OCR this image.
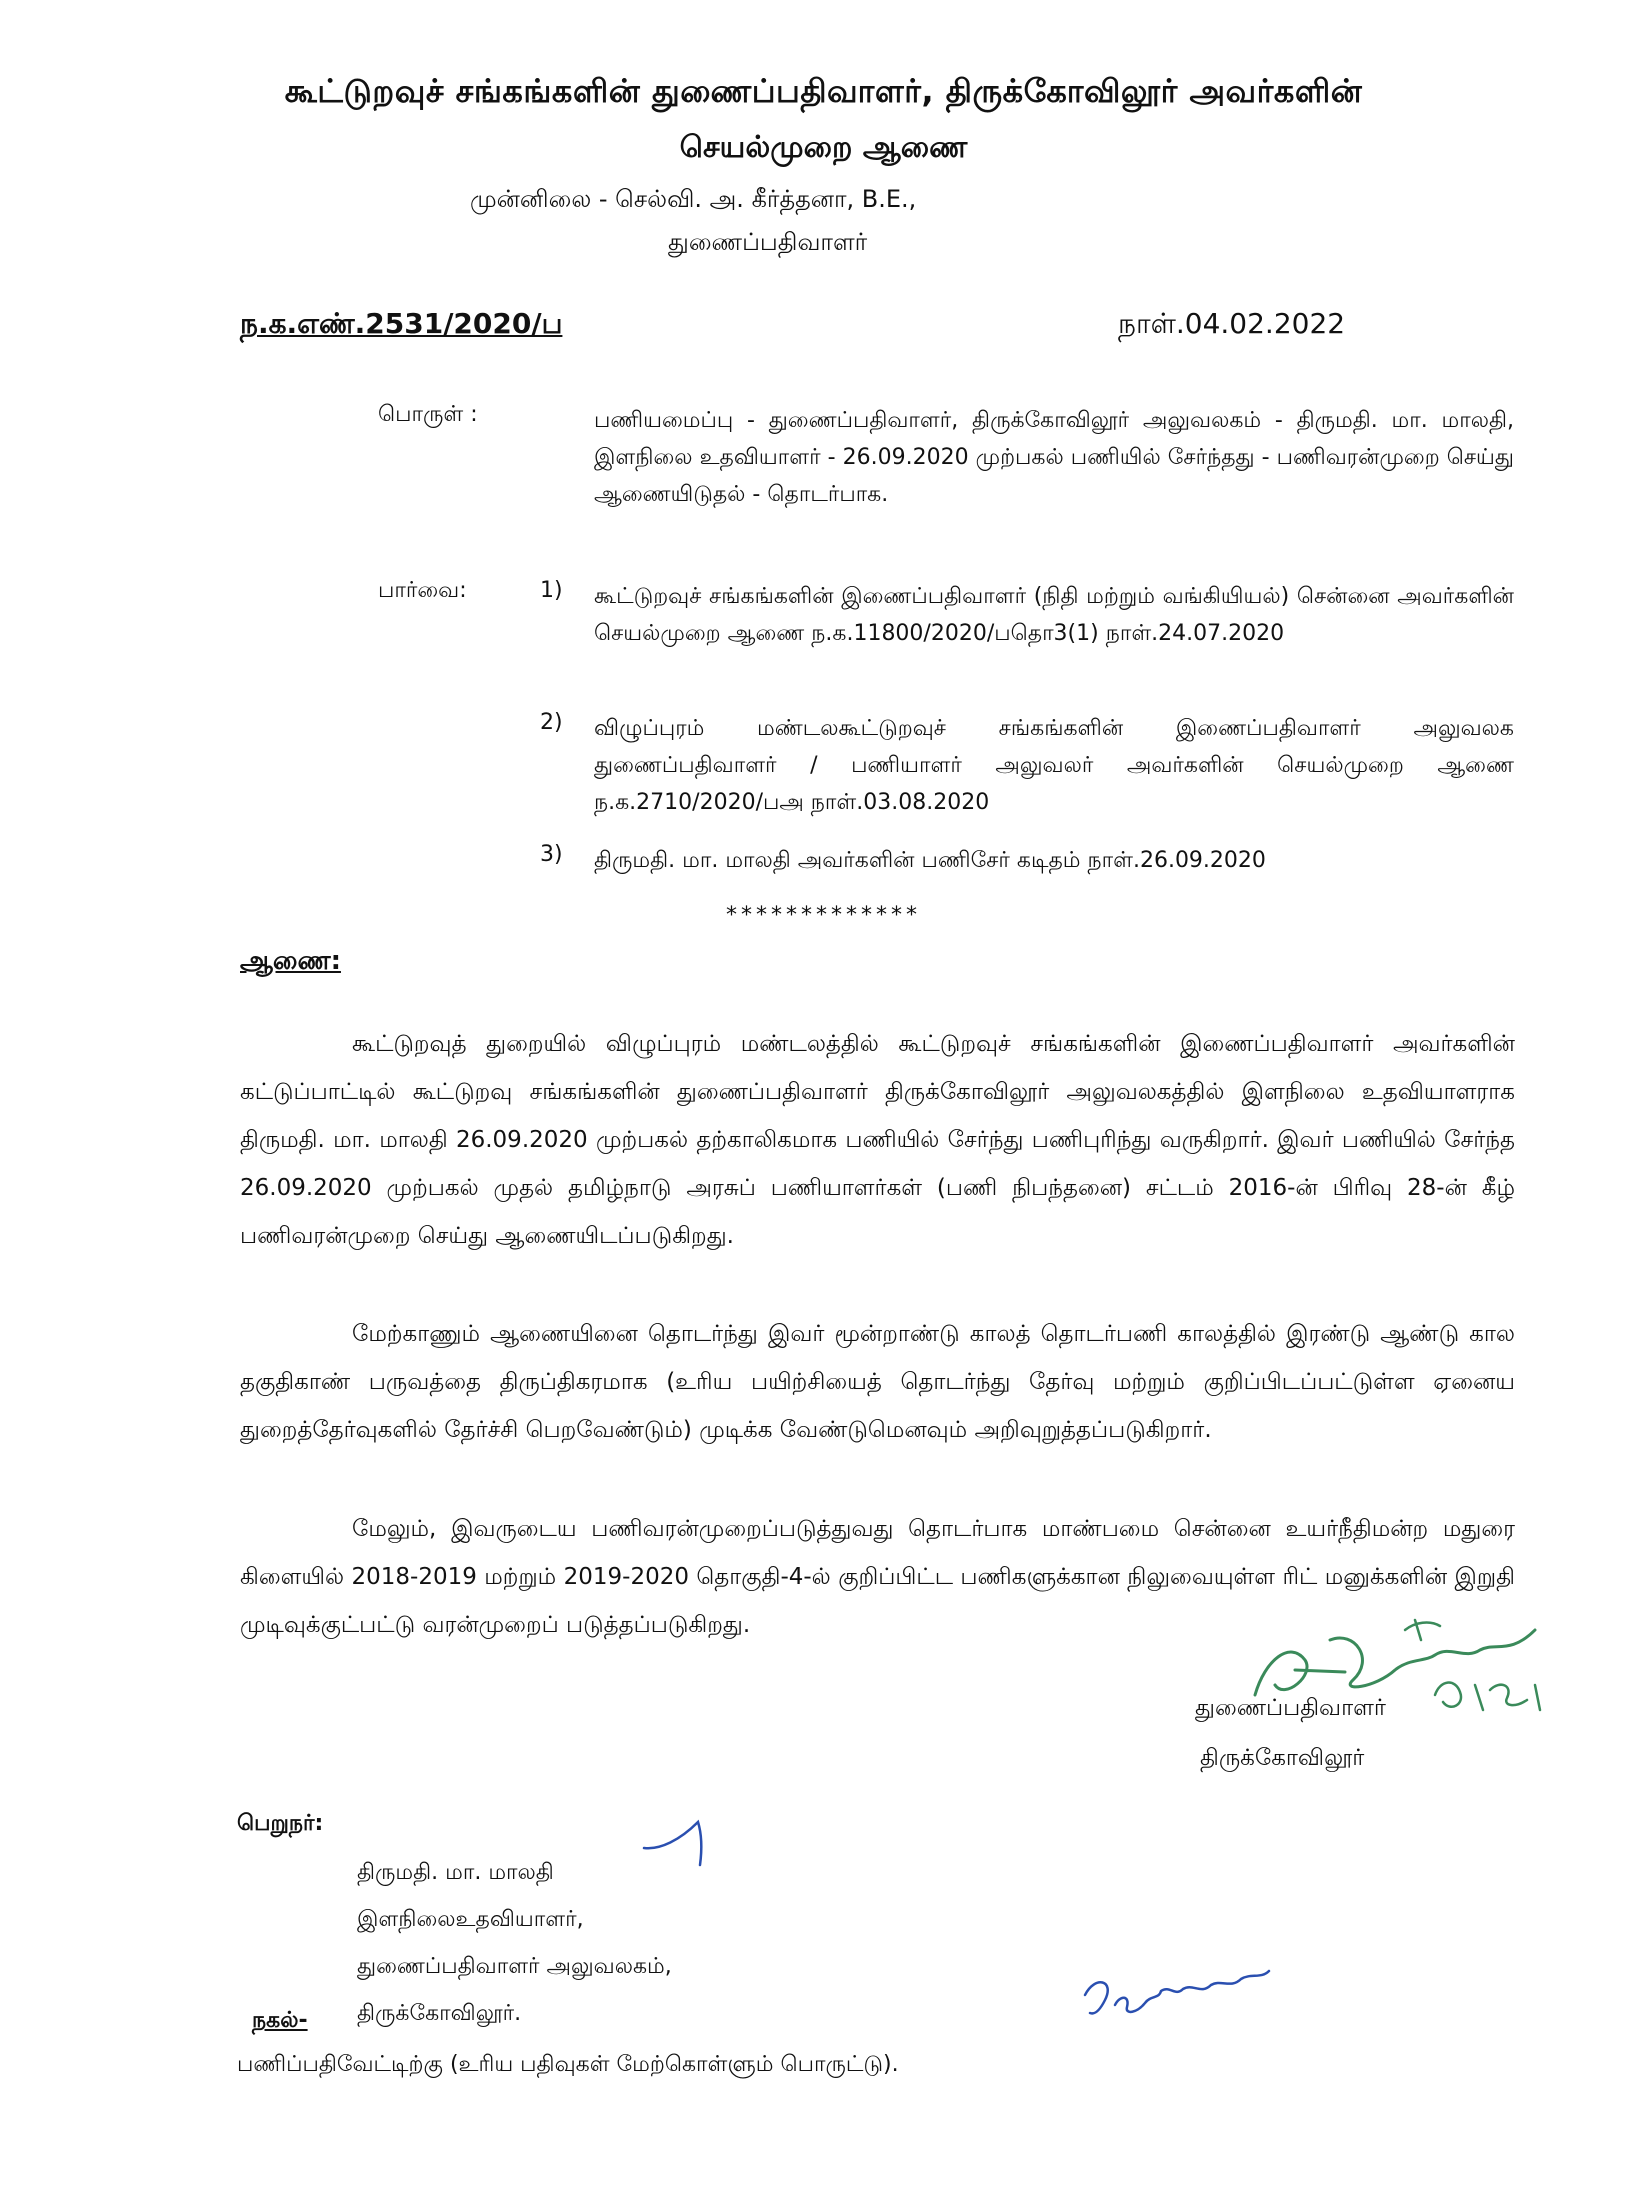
கூட்டுறவுச் சங்கங்களின் துணைப்பதிவாளர், திருக்கோவிலூர் அவர்களின்
செயல்முறை ஆணை
முன்னிலை - செல்வி. அ. கீர்த்தனா, B.E.,
துணைப்பதிவாளர்
ந.க.எண்.2531/2020/ப	நாள்.04.02.2022
பொருள் :	பணியமைப்பு - துணைப்பதிவாளர், திருக்கோவிலூர் அலுவலகம் - திருமதி. மா. மாலதி, இளநிலை உதவியாளர் - 26.09.2020 முற்பகல் பணியில் சேர்ந்தது - பணிவரன்முறை செய்து ஆணையிடுதல் - தொடர்பாக.
பார்வை:	1) கூட்டுறவுச் சங்கங்களின் இணைப்பதிவாளர் (நிதி மற்றும் வங்கியியல்) சென்னை அவர்களின் செயல்முறை ஆணை ந.க.11800/2020/பதொ3(1) நாள்.24.07.2020
2) விழுப்புரம் மண்டலகூட்டுறவுச் சங்கங்களின் இணைப்பதிவாளர் அலுவலக துணைப்பதிவாளர் / பணியாளர் அலுவலர் அவர்களின் செயல்முறை ஆணை ந.க.2710/2020/பஅ நாள்.03.08.2020
3) திருமதி. மா. மாலதி அவர்களின் பணிசேர் கடிதம் நாள்.26.09.2020
*************
ஆணை:
கூட்டுறவுத் துறையில் விழுப்புரம் மண்டலத்தில் கூட்டுறவுச் சங்கங்களின் இணைப்பதிவாளர் அவர்களின் கட்டுப்பாட்டில் கூட்டுறவு சங்கங்களின் துணைப்பதிவாளர் திருக்கோவிலூர் அலுவலகத்தில் இளநிலை உதவியாளராக திருமதி. மா. மாலதி 26.09.2020 முற்பகல் தற்காலிகமாக பணியில் சேர்ந்து பணிபுரிந்து வருகிறார். இவர் பணியில் சேர்ந்த 26.09.2020 முற்பகல் முதல் தமிழ்நாடு அரசுப் பணியாளர்கள் (பணி நிபந்தனை) சட்டம் 2016-ன் பிரிவு 28-ன் கீழ் பணிவரன்முறை செய்து ஆணையிடப்படுகிறது.
மேற்காணும் ஆணையினை தொடர்ந்து இவர் மூன்றாண்டு காலத் தொடர்பணி காலத்தில் இரண்டு ஆண்டு கால தகுதிகாண் பருவத்தை திருப்திகரமாக (உரிய பயிற்சியைத் தொடர்ந்து தேர்வு மற்றும் குறிப்பிடப்பட்டுள்ள ஏனைய துறைத்தேர்வுகளில் தேர்ச்சி பெறவேண்டும்) முடிக்க வேண்டுமெனவும் அறிவுறுத்தப்படுகிறார்.
மேலும், இவருடைய பணிவரன்முறைப்படுத்துவது தொடர்பாக மாண்பமை சென்னை உயர்நீதிமன்ற மதுரை கிளையில் 2018-2019 மற்றும் 2019-2020 தொகுதி-4-ல் குறிப்பிட்ட பணிகளுக்கான நிலுவையுள்ள ரிட் மனுக்களின் இறுதி முடிவுக்குட்பட்டு வரன்முறைப் படுத்தப்படுகிறது.
துணைப்பதிவாளர்
திருக்கோவிலூர்
பெறுநர்:
திருமதி. மா. மாலதி
இளநிலைஉதவியாளர்,
துணைப்பதிவாளர் அலுவலகம்,
திருக்கோவிலூர்.
நகல்-
பணிப்பதிவேட்டிற்கு (உரிய பதிவுகள் மேற்கொள்ளும் பொருட்டு).
